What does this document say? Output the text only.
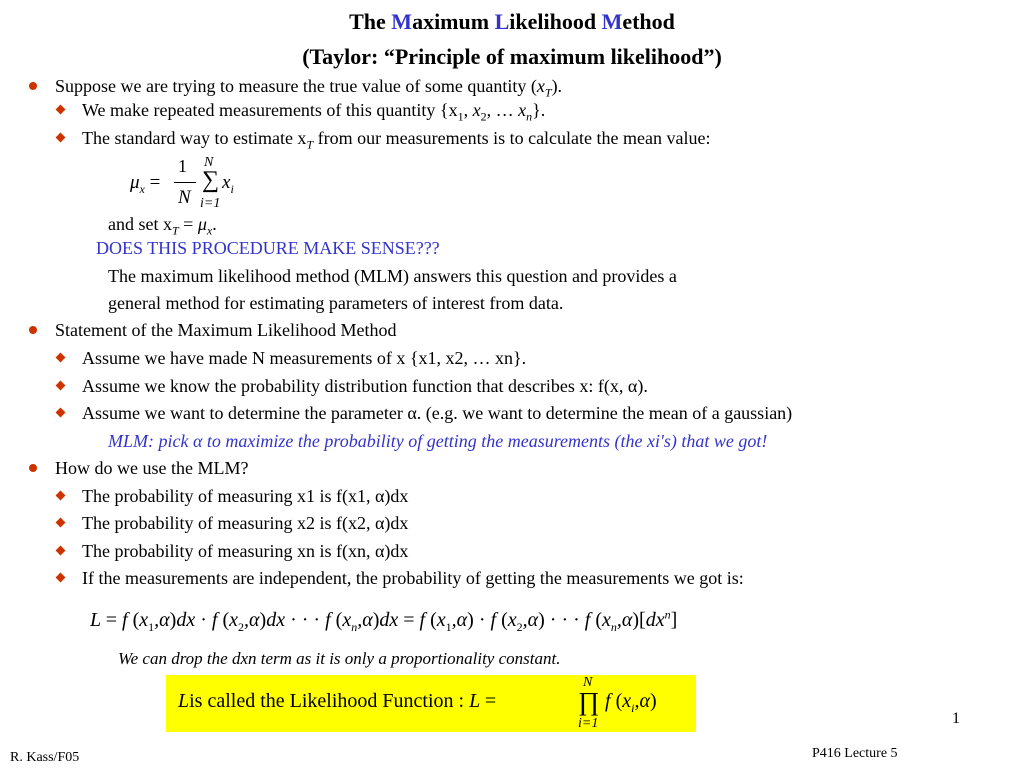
The Maximum Likelihood Method
(Taylor: “Principle of maximum likelihood”)
Suppose we are trying to measure the true value of some quantity $(x_T)$.
We make repeated measurements of this quantity {$x_1$, $x_2$, … $x_n$}.
The standard way to estimate $x_T$ from our measurements is to calculate the mean value:
$\mu_x$ =
1
N
N
∑
i=1
$x_i$
and set $x_T = \mu_x$.
DOES THIS PROCEDURE MAKE SENSE???
The maximum likelihood method (MLM) answers this question and provides a
general method for estimating parameters of interest from data.
Statement of the Maximum Likelihood Method
Assume we have made N measurements of x {x1, x2, … xn}.
Assume we know the probability distribution function that describes x: f(x, α).
Assume we want to determine the parameter α. (e.g. we want to determine the mean of a gaussian)
MLM: pick α to maximize the probability of getting the measurements (the xi's) that we got!
How do we use the MLM?
The probability of measuring x1 is f(x1, α)dx
The probability of measuring x2 is f(x2, α)dx
The probability of measuring xn is f(xn, α)dx
If the measurements are independent, the probability of getting the measurements we got is:
L = f $(x_1,\alpha)dx \cdot f$ $(x_2,\alpha)dx$ · · · f $(x_n,\alpha)dx = f$ $(x_1,\alpha) \cdot f$ $(x_2,\alpha)$ · · · f $(x_n,\alpha)[dx^n]$
We can drop the dxn term as it is only a proportionality constant.
Lis called the Likelihood Function : L =
N
∏
i=1
f $(x_i,\alpha)$
1
R. Kass/F05	P416 Lecture 5
